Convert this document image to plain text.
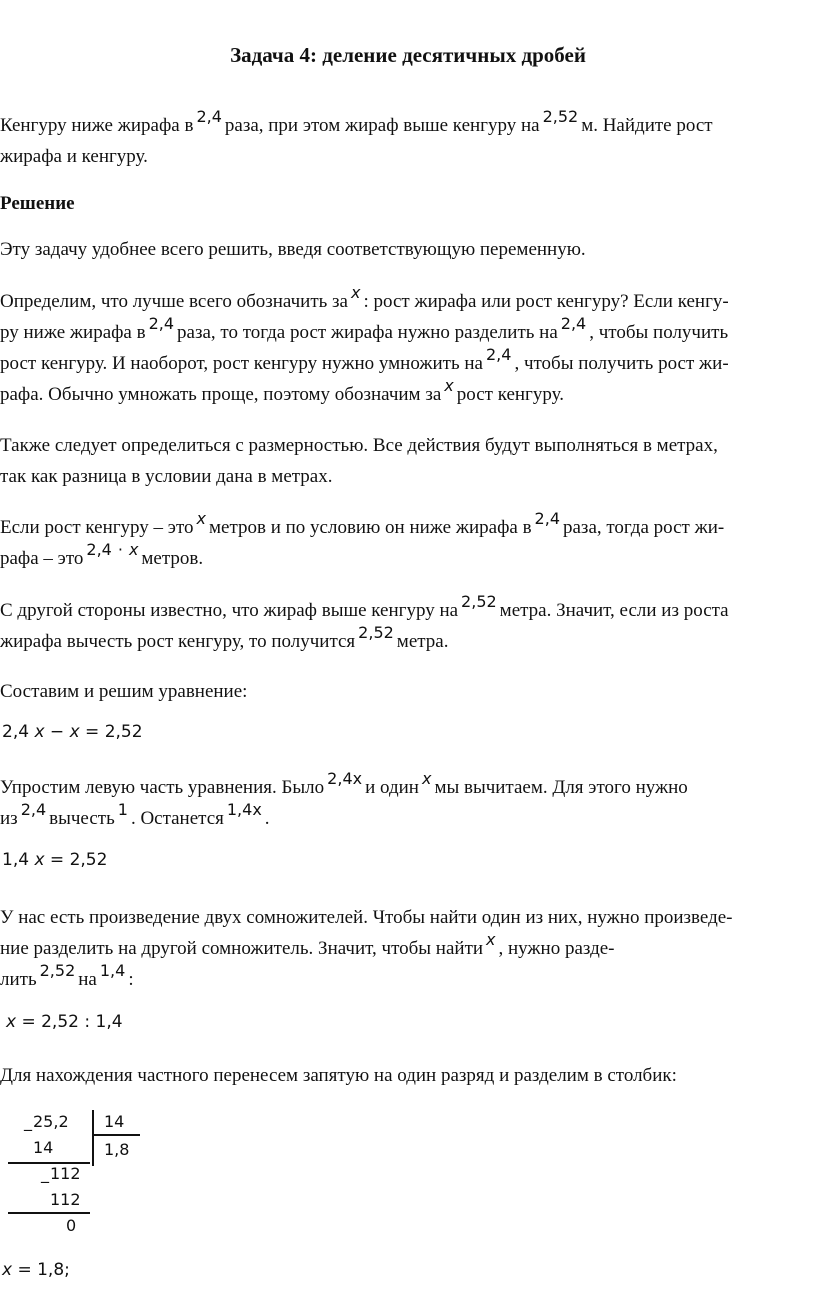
Задача 4: деление десятичных дробей
Кенгуру ниже жирафа в $^{2,4}$ раза, при этом жираф выше кенгуру на $^{2,52}$ м. Найдите рост
жирафа и кенгуру.
Решение
Эту задачу удобнее всего решить, введя соответствующую переменную.
Определим, что лучше всего обозначить за $^x$ : рост жирафа или рост кенгуру? Если кенгу-
ру ниже жирафа в $^{2,4}$ раза, то тогда рост жирафа нужно разделить на $^{2,4}$ , чтобы получить
рост кенгуру. И наоборот, рост кенгуру нужно умножить на $^{2,4}$ , чтобы получить рост жи-
рафа. Обычно умножать проще, поэтому обозначим за $^x$ рост кенгуру.
Также следует определиться с размерностью. Все действия будут выполняться в метрах,
так как разница в условии дана в метрах.
Если рост кенгуру – это $^x$ метров и по условию он ниже жирафа в $^{2,4}$ раза, тогда рост жи-
рафа – это $^{2,4}$ · $^x$ метров.
С другой стороны известно, что жираф выше кенгуру на $^{2,52}$ метра. Значит, если из роста
жирафа вычесть рост кенгуру, то получится $^{2,52}$ метра.
Составим и решим уравнение:
2,4 x − x = 2,52
Упростим левую часть уравнения. Было $^{2,4x}$ и один $^x$ мы вычитаем. Для этого нужно
из $^{2,4}$ вычесть $^1$ . Останется $^{1,4x}$ .
1,4 x = 2,52
У нас есть произведение двух сомножителей. Чтобы найти один из них, нужно произведе-
ние разделить на другой сомножитель. Значит, чтобы найти $^x$ , нужно разде-
лить $^{2,52}$ на $^{1,4}$ :
x = 2,52 : 1,4
Для нахождения частного перенесем запятую на один разряд и разделим в столбик:
_ 25,2 14
14	1,8
_ 112
112
0
x = 1,8;
